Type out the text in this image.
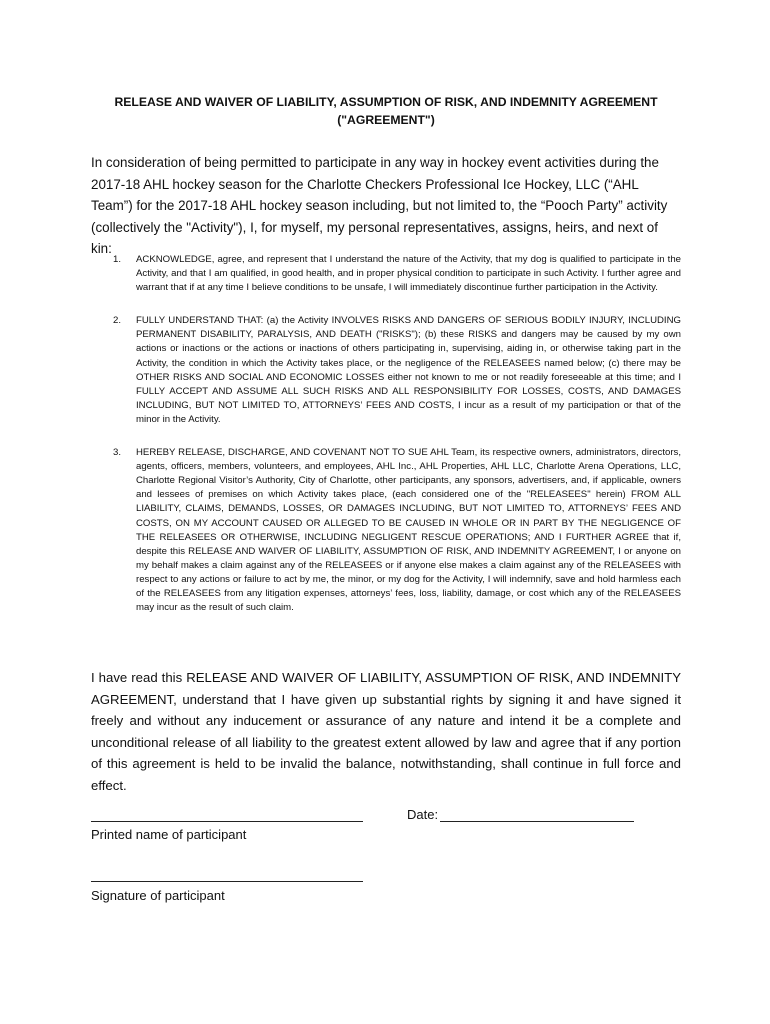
RELEASE AND WAIVER OF LIABILITY, ASSUMPTION OF RISK, AND INDEMNITY AGREEMENT
("AGREEMENT")
In consideration of being permitted to participate in any way in hockey event activities during the 2017-18 AHL hockey season for the Charlotte Checkers Professional Ice Hockey, LLC (“AHL Team”) for the 2017-18 AHL hockey season including, but not limited to, the “Pooch Party” activity (collectively the "Activity"), I, for myself, my personal representatives, assigns, heirs, and next of kin:
1. ACKNOWLEDGE, agree, and represent that I understand the nature of the Activity, that my dog is qualified to participate in the Activity, and that I am qualified, in good health, and in proper physical condition to participate in such Activity. I further agree and warrant that if at any time I believe conditions to be unsafe, I will immediately discontinue further participation in the Activity.
2. FULLY UNDERSTAND THAT: (a) the Activity INVOLVES RISKS AND DANGERS OF SERIOUS BODILY INJURY, INCLUDING PERMANENT DISABILITY, PARALYSIS, AND DEATH ("RISKS"); (b) these RISKS and dangers may be caused by my own actions or inactions or the actions or inactions of others participating in, supervising, aiding in, or otherwise taking part in the Activity, the condition in which the Activity takes place, or the negligence of the RELEASEES named below; (c) there may be OTHER RISKS AND SOCIAL AND ECONOMIC LOSSES either not known to me or not readily foreseeable at this time; and I FULLY ACCEPT AND ASSUME ALL SUCH RISKS AND ALL RESPONSIBILITY FOR LOSSES, COSTS, AND DAMAGES INCLUDING, BUT NOT LIMITED TO, ATTORNEYS’ FEES AND COSTS, I incur as a result of my participation or that of the minor in the Activity.
3. HEREBY RELEASE, DISCHARGE, AND COVENANT NOT TO SUE AHL Team, its respective owners, administrators, directors, agents, officers, members, volunteers, and employees, AHL Inc., AHL Properties, AHL LLC, Charlotte Arena Operations, LLC, Charlotte Regional Visitor’s Authority, City of Charlotte, other participants, any sponsors, advertisers, and, if applicable, owners and lessees of premises on which Activity takes place, (each considered one of the "RELEASEES" herein) FROM ALL LIABILITY, CLAIMS, DEMANDS, LOSSES, OR DAMAGES INCLUDING, BUT NOT LIMITED TO, ATTORNEYS’ FEES AND COSTS, ON MY ACCOUNT CAUSED OR ALLEGED TO BE CAUSED IN WHOLE OR IN PART BY THE NEGLIGENCE OF THE RELEASEES OR OTHERWISE, INCLUDING NEGLIGENT RESCUE OPERATIONS; AND I FURTHER AGREE that if, despite this RELEASE AND WAIVER OF LIABILITY, ASSUMPTION OF RISK, AND INDEMNITY AGREEMENT, I or anyone on my behalf makes a claim against any of the RELEASEES or if anyone else makes a claim against any of the RELEASEES with respect to any actions or failure to act by me, the minor, or my dog for the Activity, I will indemnify, save and hold harmless each of the RELEASEES from any litigation expenses, attorneys’ fees, loss, liability, damage, or cost which any of the RELEASEES may incur as the result of such claim.
I have read this RELEASE AND WAIVER OF LIABILITY, ASSUMPTION OF RISK, AND INDEMNITY AGREEMENT, understand that I have given up substantial rights by signing it and have signed it freely and without any inducement or assurance of any nature and intend it be a complete and unconditional release of all liability to the greatest extent allowed by law and agree that if any portion of this agreement is held to be invalid the balance, notwithstanding, shall continue in full force and effect.
Printed name of participant
Date:
Signature of participant
